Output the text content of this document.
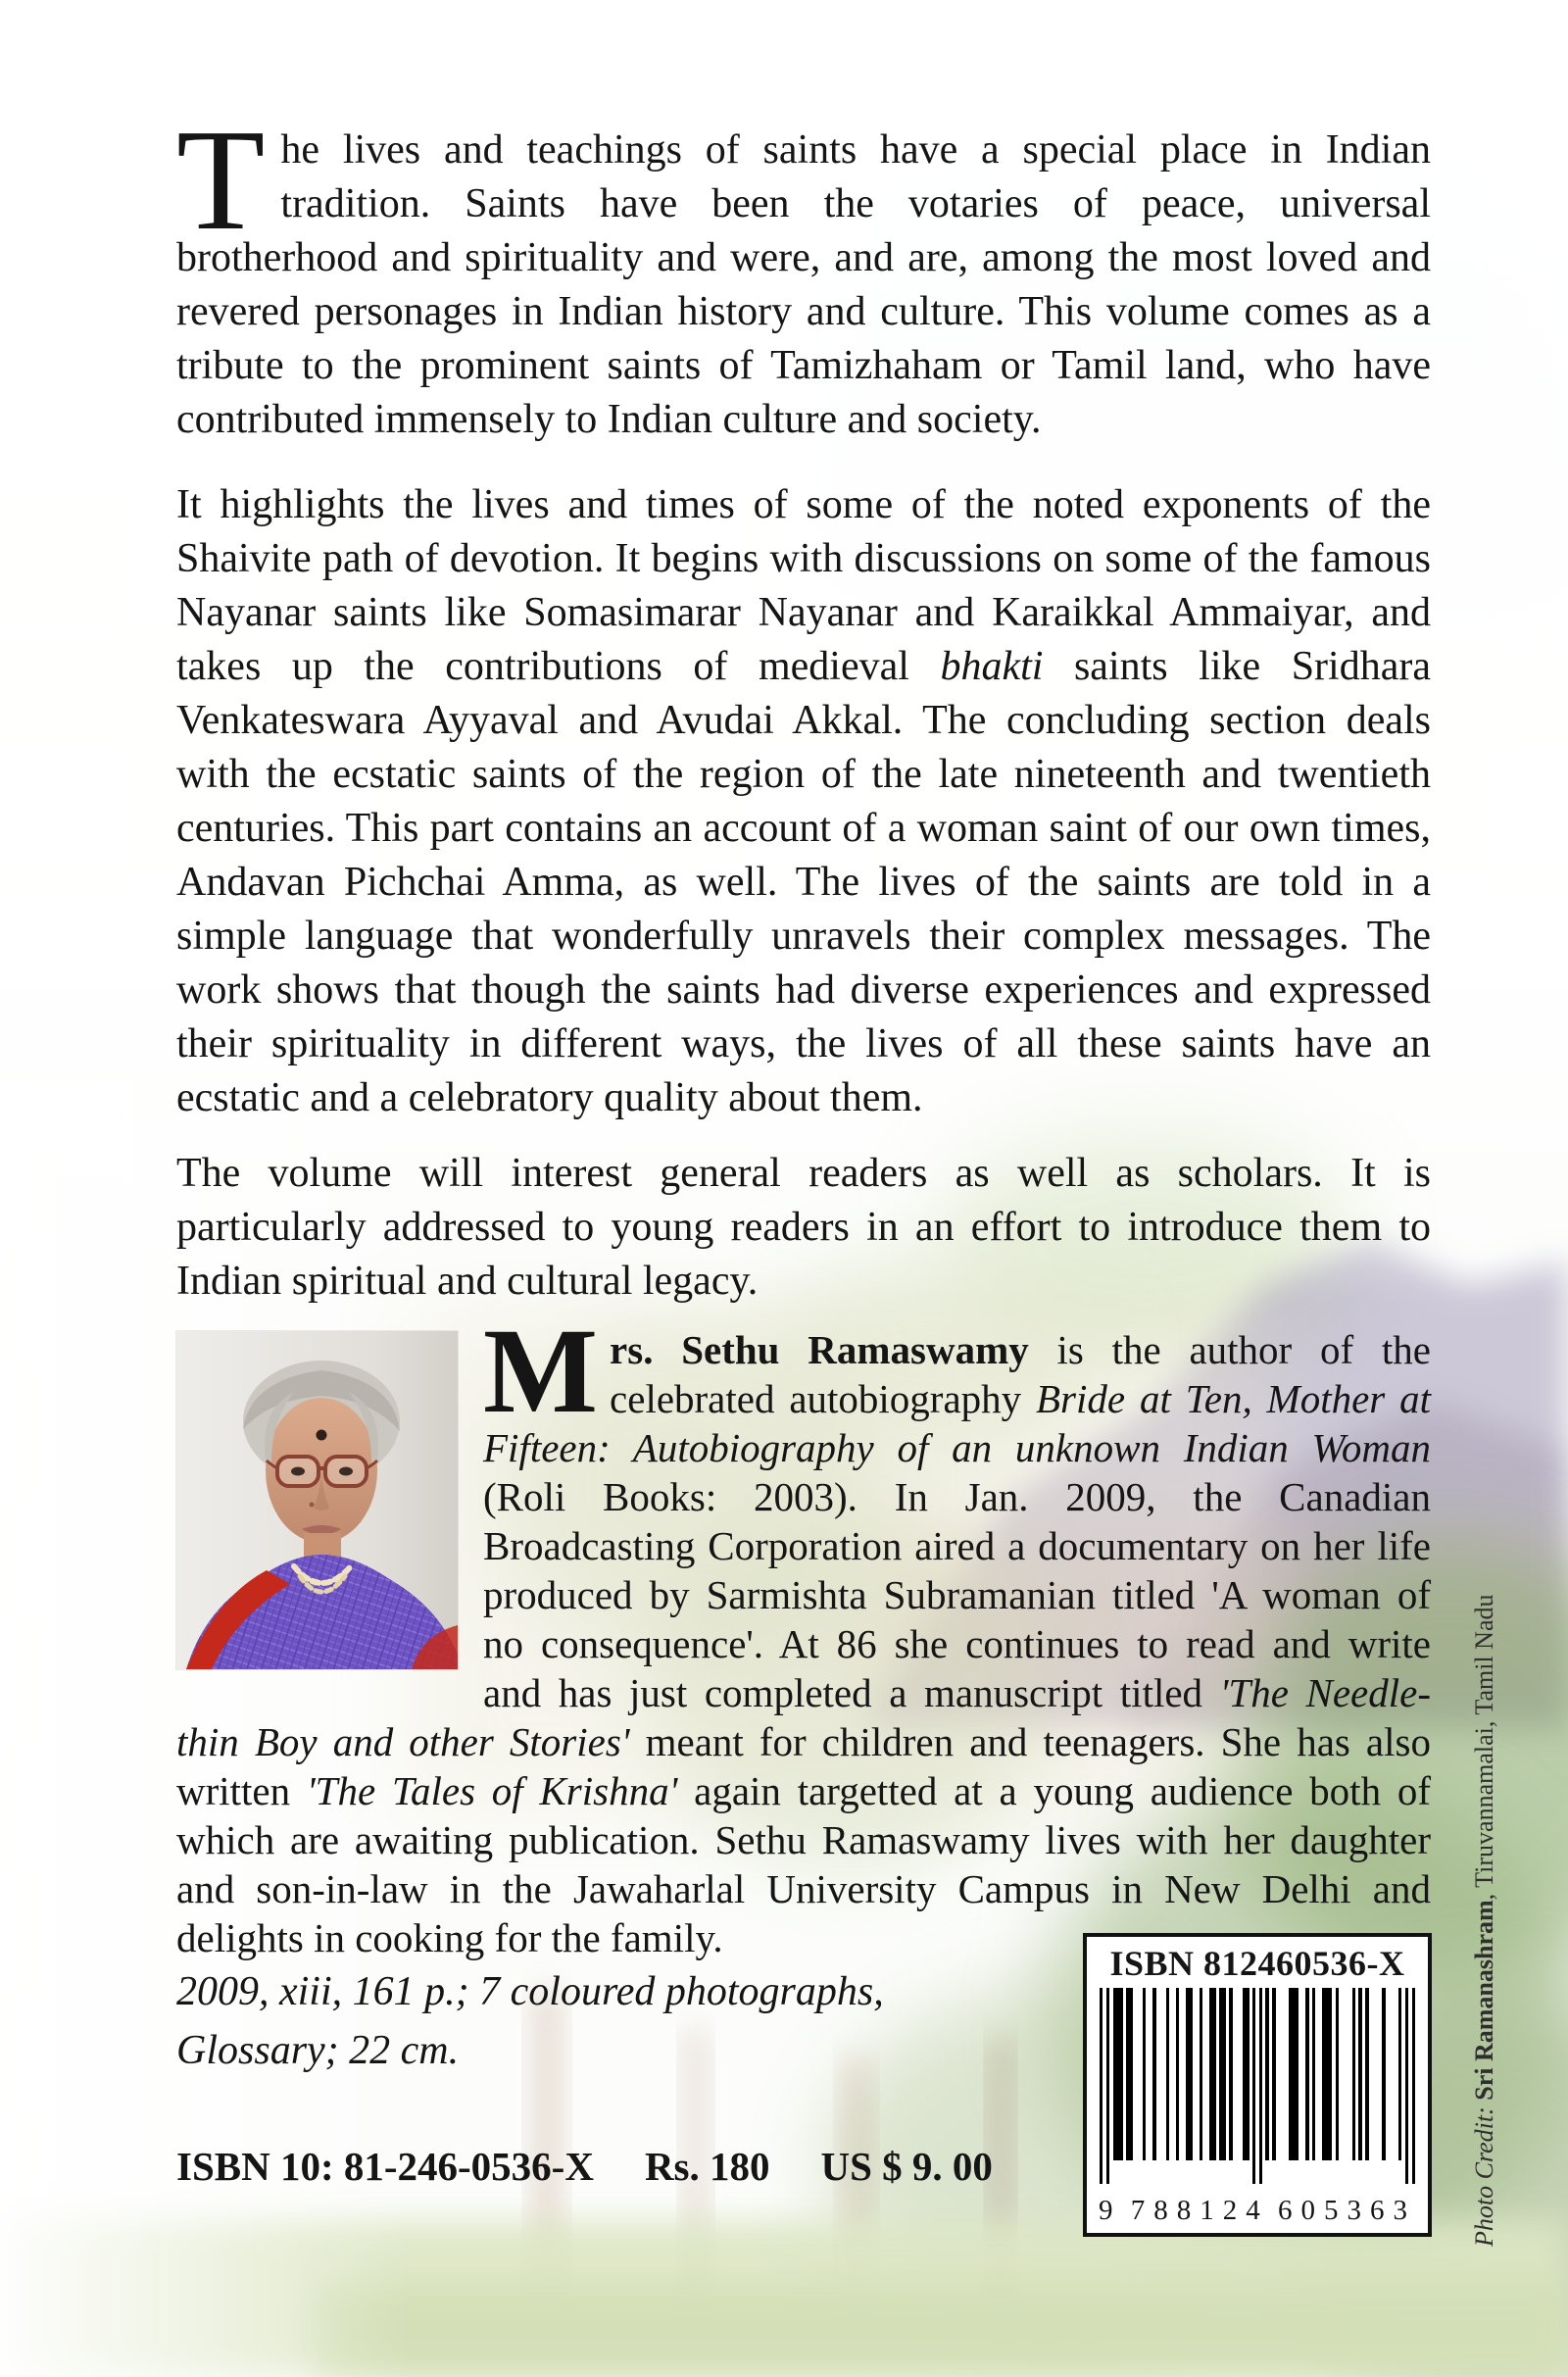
The lives and teachings of saints have a special place in Indian tradition. Saints have been the votaries of peace, universal brotherhood and spirituality and were, and are, among the most loved and revered personages in Indian history and culture. This volume comes as a tribute to the prominent saints of Tamizhaham or Tamil land, who have contributed immensely to Indian culture and society.

It highlights the lives and times of some of the noted exponents of the Shaivite path of devotion. It begins with discussions on some of the famous Nayanar saints like Somasimarar Nayanar and Karaikkal Ammaiyar, and takes up the contributions of medieval bhakti saints like Sridhara Venkateswara Ayyaval and Avudai Akkal. The concluding section deals with the ecstatic saints of the region of the late nineteenth and twentieth centuries. This part contains an account of a woman saint of our own times, Andavan Pichchai Amma, as well. The lives of the saints are told in a simple language that wonderfully unravels their complex messages. The work shows that though the saints had diverse experiences and expressed their spirituality in different ways, the lives of all these saints have an ecstatic and a celebratory quality about them.

The volume will interest general readers as well as scholars. It is particularly addressed to young readers in an effort to introduce them to Indian spiritual and cultural legacy.

Mrs. Sethu Ramaswamy is the author of the celebrated autobiography Bride at Ten, Mother at Fifteen: Autobiography of an unknown Indian Woman (Roli Books: 2003). In Jan. 2009, the Canadian Broadcasting Corporation aired a documentary on her life produced by Sarmishta Subramanian titled 'A woman of no consequence'. At 86 she continues to read and write and has just completed a manuscript titled 'The Needle-thin Boy and other Stories' meant for children and teenagers. She has also written 'The Tales of Krishna' again targetted at a young audience both of which are awaiting publication. Sethu Ramaswamy lives with her daughter and son-in-law in the Jawaharlal University Campus in New Delhi and delights in cooking for the family.

2009, xiii, 161 p.; 7 coloured photographs,
Glossary; 22 cm.
ISBN 10: 81-246-0536-X Rs. 180 US $ 9. 00
ISBN 812460536-X
9 788124 605363 Photo Credit: Sri Ramanashram, Tiruvannamalai, Tamil Nadu
